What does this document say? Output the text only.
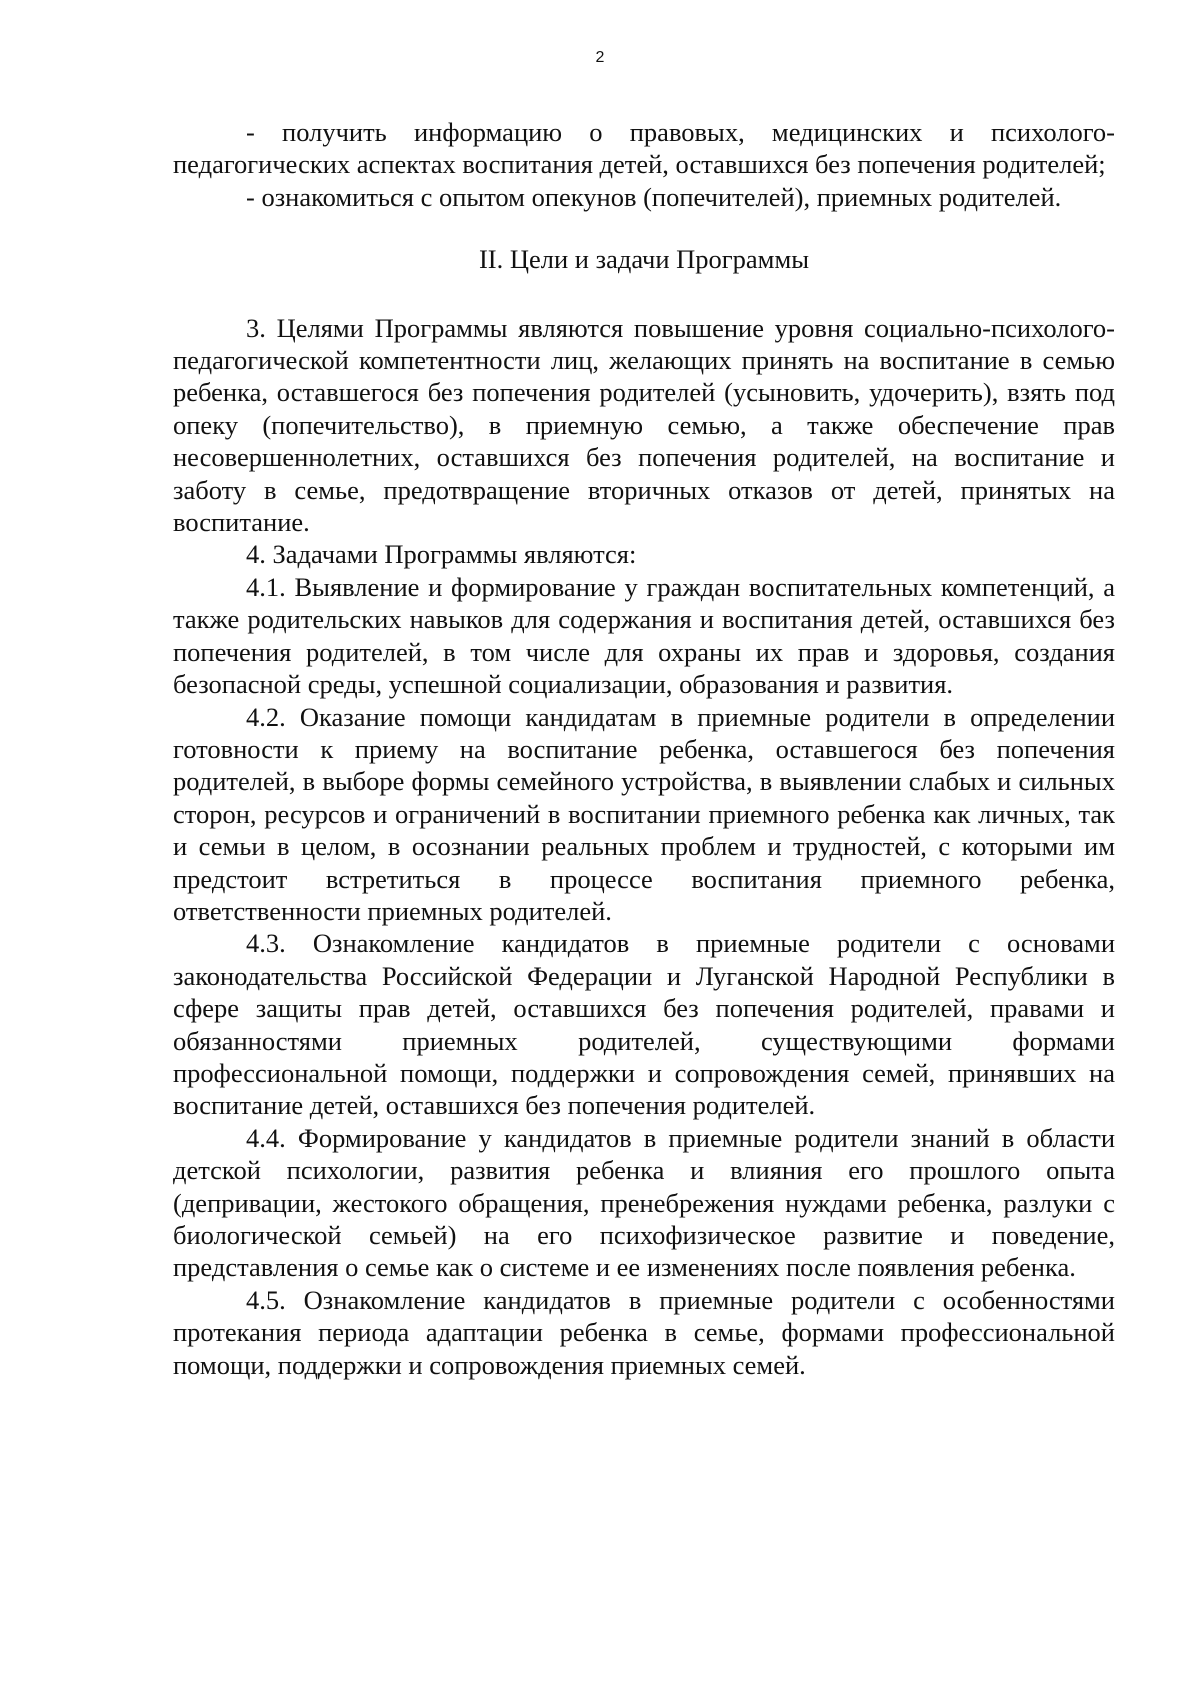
2

- получить информацию о правовых, медицинских и психолого-педагогических аспектах воспитания детей, оставшихся без попечения родителей;

- ознакомиться с опытом опекунов (попечителей), приемных родителей.

II. Цели и задачи Программы

3. Целями Программы являются повышение уровня социально-психолого-педагогической компетентности лиц, желающих принять на воспитание в семью ребенка, оставшегося без попечения родителей (усыновить, удочерить), взять под опеку (попечительство), в приемную семью, а также обеспечение прав несовершеннолетних, оставшихся без попечения родителей, на воспитание и заботу в семье, предотвращение вторичных отказов от детей, принятых на воспитание.

4. Задачами Программы являются:

4.1. Выявление и формирование у граждан воспитательных компетенций, а также родительских навыков для содержания и воспитания детей, оставшихся без попечения родителей, в том числе для охраны их прав и здоровья, создания безопасной среды, успешной социализации, образования и развития.

4.2. Оказание помощи кандидатам в приемные родители в определении готовности к приему на воспитание ребенка, оставшегося без попечения родителей, в выборе формы семейного устройства, в выявлении слабых и сильных сторон, ресурсов и ограничений в воспитании приемного ребенка как личных, так и семьи в целом, в осознании реальных проблем и трудностей, с которыми им предстоит встретиться в процессе воспитания приемного ребенка, ответственности приемных родителей.

4.3. Ознакомление кандидатов в приемные родители с основами законодательства Российской Федерации и Луганской Народной Республики в сфере защиты прав детей, оставшихся без попечения родителей, правами и обязанностями приемных родителей, существующими формами профессиональной помощи, поддержки и сопровождения семей, принявших на воспитание детей, оставшихся без попечения родителей.

4.4. Формирование у кандидатов в приемные родители знаний в области детской психологии, развития ребенка и влияния его прошлого опыта (депривации, жестокого обращения, пренебрежения нуждами ребенка, разлуки с биологической семьей) на его психофизическое развитие и поведение, представления о семье как о системе и ее изменениях после появления ребенка.

4.5. Ознакомление кандидатов в приемные родители с особенностями протекания периода адаптации ребенка в семье, формами профессиональной помощи, поддержки и сопровождения приемных семей.
